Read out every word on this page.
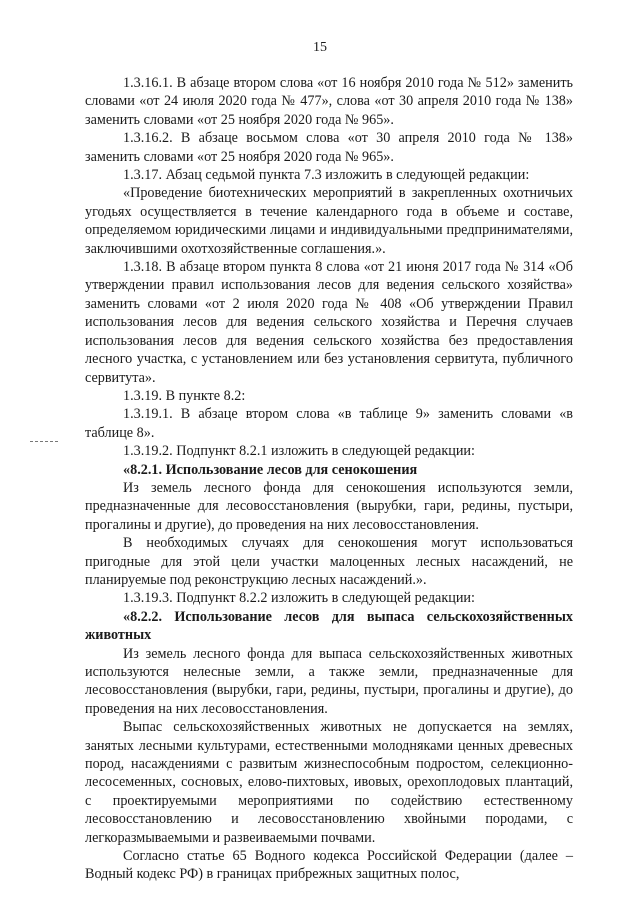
15

1.3.16.1. В абзаце втором слова «от 16 ноября 2010 года № 512» заменить словами «от 24 июля 2020 года № 477», слова «от 30 апреля 2010 года № 138» заменить словами «от 25 ноября 2020 года № 965».

1.3.16.2. В абзаце восьмом слова «от 30 апреля 2010 года № 138» заменить словами «от 25 ноября 2020 года № 965».

1.3.17. Абзац седьмой пункта 7.3 изложить в следующей редакции:

«Проведение биотехнических мероприятий в закрепленных охотничьих угодьях осуществляется в течение календарного года в объеме и составе, определяемом юридическими лицами и индивидуальными предпринимателями, заключившими охотхозяйственные соглашения.».

1.3.18. В абзаце втором пункта 8 слова «от 21 июня 2017 года № 314 «Об утверждении правил использования лесов для ведения сельского хозяйства» заменить словами «от 2 июля 2020 года № 408 «Об утверждении Правил использования лесов для ведения сельского хозяйства и Перечня случаев использования лесов для ведения сельского хозяйства без предоставления лесного участка, с установлением или без установления сервитута, публичного сервитута».

1.3.19. В пункте 8.2:

1.3.19.1. В абзаце втором слова «в таблице 9» заменить словами «в таблице 8».

1.3.19.2. Подпункт 8.2.1 изложить в следующей редакции:

«8.2.1. Использование лесов для сенокошения

Из земель лесного фонда для сенокошения используются земли, предназначенные для лесовосстановления (вырубки, гари, редины, пустыри, прогалины и другие), до проведения на них лесовосстановления.

В необходимых случаях для сенокошения могут использоваться пригодные для этой цели участки малоценных лесных насаждений, не планируемые под реконструкцию лесных насаждений.».

1.3.19.3. Подпункт 8.2.2 изложить в следующей редакции:

«8.2.2. Использование лесов для выпаса сельскохозяйственных животных

Из земель лесного фонда для выпаса сельскохозяйственных животных используются нелесные земли, а также земли, предназначенные для лесовосстановления (вырубки, гари, редины, пустыри, прогалины и другие), до проведения на них лесовосстановления.

Выпас сельскохозяйственных животных не допускается на землях, занятых лесными культурами, естественными молодняками ценных древесных пород, насаждениями с развитым жизнеспособным подростом, селекционно-лесосеменных, сосновых, елово-пихтовых, ивовых, орехоплодовых плантаций, с проектируемыми мероприятиями по содействию естественному лесовосстановлению и лесовосстановлению хвойными породами, с легкоразмываемыми и развеиваемыми почвами.

Согласно статье 65 Водного кодекса Российской Федерации (далее – Водный кодекс РФ) в границах прибрежных защитных полос,
